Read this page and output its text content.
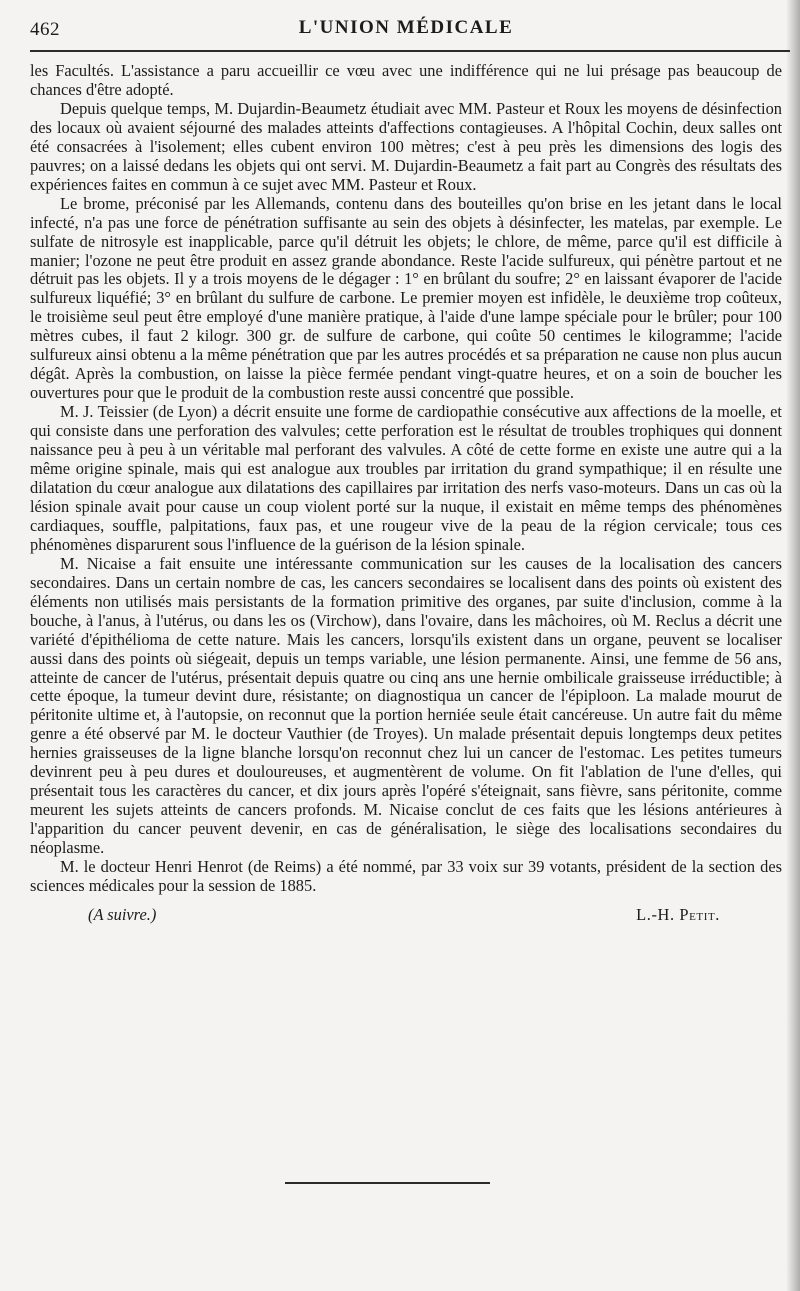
462	L'UNION MÉDICALE

les Facultés. L'assistance a paru accueillir ce vœu avec une indifférence qui ne lui présage pas beaucoup de chances d'être adopté.

Depuis quelque temps, M. Dujardin-Beaumetz étudiait avec MM. Pasteur et Roux les moyens de désinfection des locaux où avaient séjourné des malades atteints d'affections contagieuses. A l'hôpital Cochin, deux salles ont été consacrées à l'isolement; elles cubent environ 100 mètres; c'est à peu près les dimensions des logis des pauvres; on a laissé dedans les objets qui ont servi. M. Dujardin-Beaumetz a fait part au Congrès des résultats des expériences faites en commun à ce sujet avec MM. Pasteur et Roux.

Le brome, préconisé par les Allemands, contenu dans des bouteilles qu'on brise en les jetant dans le local infecté, n'a pas une force de pénétration suffisante au sein des objets à désinfecter, les matelas, par exemple. Le sulfate de nitrosyle est inapplicable, parce qu'il détruit les objets; le chlore, de même, parce qu'il est difficile à manier; l'ozone ne peut être produit en assez grande abondance. Reste l'acide sulfureux, qui pénètre partout et ne détruit pas les objets. Il y a trois moyens de le dégager : 1° en brûlant du soufre; 2° en laissant évaporer de l'acide sulfureux liquéfié; 3° en brûlant du sulfure de carbone. Le premier moyen est infidèle, le deuxième trop coûteux, le troisième seul peut être employé d'une manière pratique, à l'aide d'une lampe spéciale pour le brûler; pour 100 mètres cubes, il faut 2 kilogr. 300 gr. de sulfure de carbone, qui coûte 50 centimes le kilogramme; l'acide sulfureux ainsi obtenu a la même pénétration que par les autres procédés et sa préparation ne cause non plus aucun dégât. Après la combustion, on laisse la pièce fermée pendant vingt-quatre heures, et on a soin de boucher les ouvertures pour que le produit de la combustion reste aussi concentré que possible.

M. J. Teissier (de Lyon) a décrit ensuite une forme de cardiopathie consécutive aux affections de la moelle, et qui consiste dans une perforation des valvules; cette perforation est le résultat de troubles trophiques qui donnent naissance peu à peu à un véritable mal perforant des valvules. A côté de cette forme en existe une autre qui a la même origine spinale, mais qui est analogue aux troubles par irritation du grand sympathique; il en résulte une dilatation du cœur analogue aux dilatations des capillaires par irritation des nerfs vaso-moteurs. Dans un cas où la lésion spinale avait pour cause un coup violent porté sur la nuque, il existait en même temps des phénomènes cardiaques, souffle, palpitations, faux pas, et une rougeur vive de la peau de la région cervicale; tous ces phénomènes disparurent sous l'influence de la guérison de la lésion spinale.

M. Nicaise a fait ensuite une intéressante communication sur les causes de la localisation des cancers secondaires. Dans un certain nombre de cas, les cancers secondaires se localisent dans des points où existent des éléments non utilisés mais persistants de la formation primitive des organes, par suite d'inclusion, comme à la bouche, à l'anus, à l'utérus, ou dans les os (Virchow), dans l'ovaire, dans les mâchoires, où M. Reclus a décrit une variété d'épithélioma de cette nature. Mais les cancers, lorsqu'ils existent dans un organe, peuvent se localiser aussi dans des points où siégeait, depuis un temps variable, une lésion permanente. Ainsi, une femme de 56 ans, atteinte de cancer de l'utérus, présentait depuis quatre ou cinq ans une hernie ombilicale graisseuse irréductible; à cette époque, la tumeur devint dure, résistante; on diagnostiqua un cancer de l'épiploon. La malade mourut de péritonite ultime et, à l'autopsie, on reconnut que la portion herniée seule était cancéreuse. Un autre fait du même genre a été observé par M. le docteur Vauthier (de Troyes). Un malade présentait depuis longtemps deux petites hernies graisseuses de la ligne blanche lorsqu'on reconnut chez lui un cancer de l'estomac. Les petites tumeurs devinrent peu à peu dures et douloureuses, et augmentèrent de volume. On fit l'ablation de l'une d'elles, qui présentait tous les caractères du cancer, et dix jours après l'opéré s'éteignait, sans fièvre, sans péritonite, comme meurent les sujets atteints de cancers profonds. M. Nicaise conclut de ces faits que les lésions antérieures à l'apparition du cancer peuvent devenir, en cas de généralisation, le siège des localisations secondaires du néoplasme.

M. le docteur Henri Henrot (de Reims) a été nommé, par 33 voix sur 39 votants, président de la section des sciences médicales pour la session de 1885.

(A suivre.)	L.-H. Petit.
